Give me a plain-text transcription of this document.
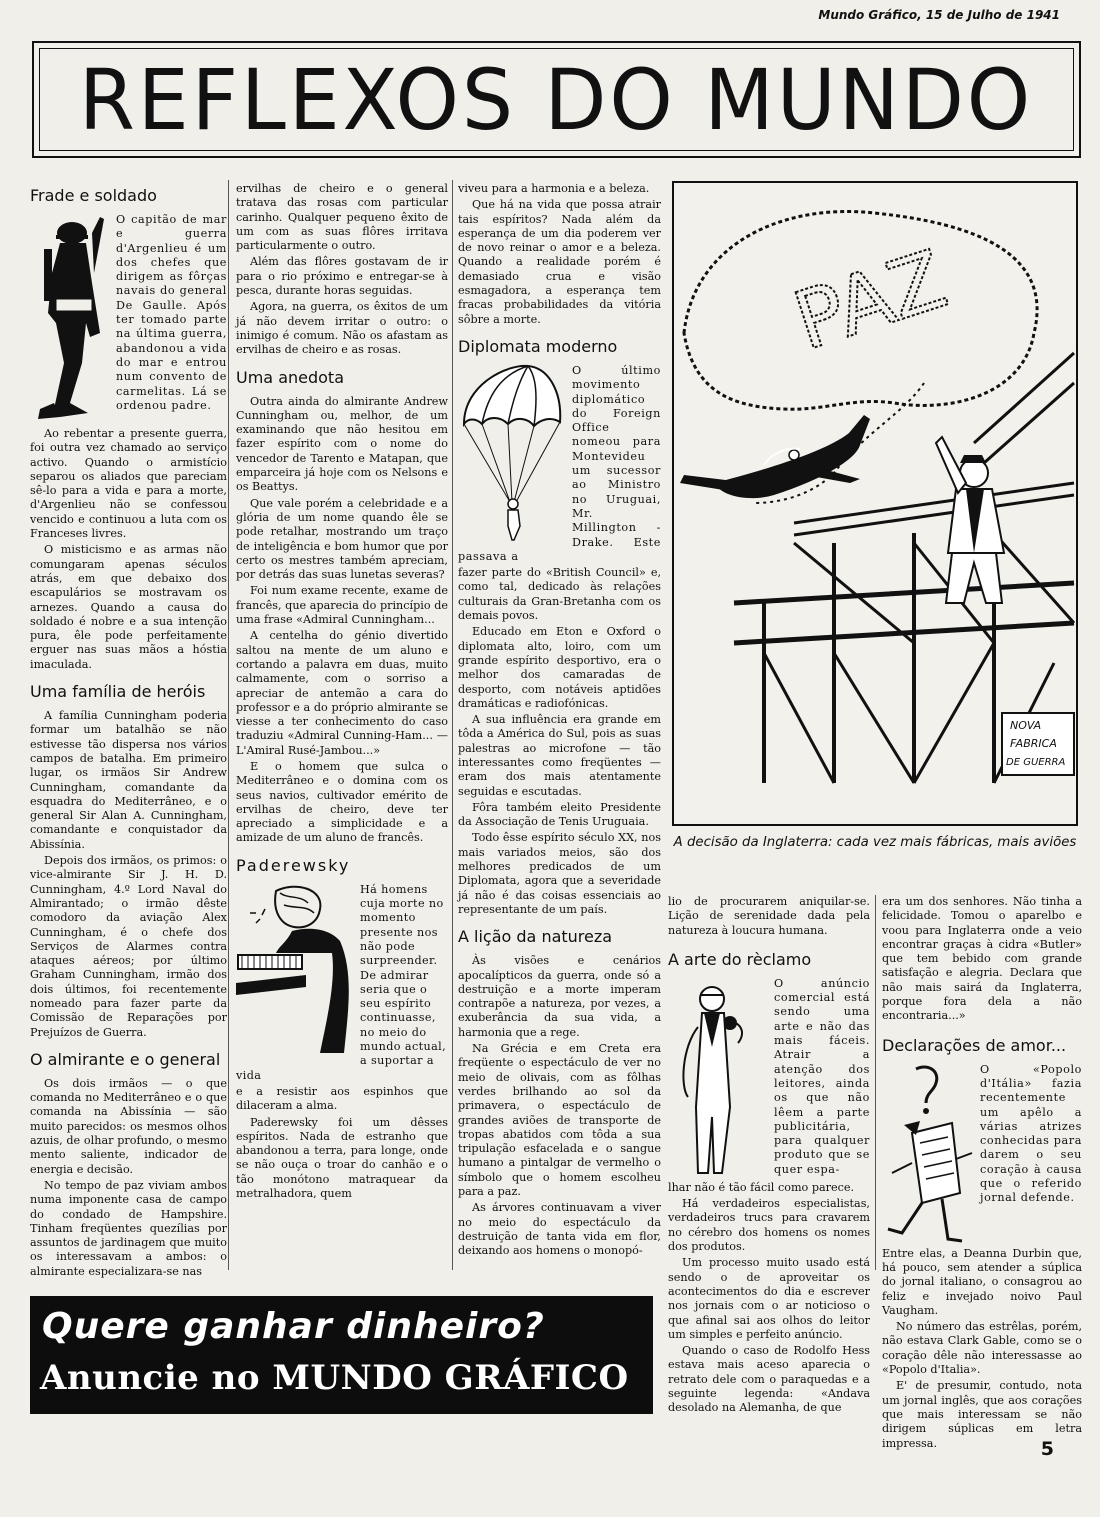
Mundo Gráfico, 15 de Julho de 1941
REFLEXOS DO MUNDO
Frade e soldado

O capitão de mar e guerra d'Argenlieu é um dos chefes que dirigem as fôrças navais do general De Gaulle. Após ter tomado parte na última guerra, abandonou a vida do mar e entrou num convento de carmelitas. Lá se ordenou padre.

Ao rebentar a presente guerra, foi outra vez chamado ao serviço activo. Quando o armistício separou os aliados que pareciam sê-lo para a vida e para a morte, d'Argenlieu não se confessou vencido e continuou a luta com os Franceses livres.

O misticismo e as armas não comungaram apenas séculos atrás, em que debaixo dos escapulários se mostravam os arnezes. Quando a causa do soldado é nobre e a sua intenção pura, êle pode perfeitamente erguer nas suas mãos a hóstia imaculada.

Uma família de heróis

A família Cunningham poderia formar um batalhão se não estivesse tão dispersa nos vários campos de batalha. Em primeiro lugar, os irmãos Sir Andrew Cunningham, comandante da esquadra do Mediterrâneo, e o general Sir Alan A. Cunningham, comandante e conquistador da Abissínia.

Depois dos irmãos, os primos: o vice-almirante Sir J. H. D. Cunningham, 4.º Lord Naval do Almirantado; o irmão dêste comodoro da aviação Alex Cunningham, é o chefe dos Serviços de Alarmes contra ataques aéreos; por último Graham Cunningham, irmão dos dois últimos, foi recentemente nomeado para fazer parte da Comissão de Reparações por Prejuízos de Guerra.

O almirante e o general

Os dois irmãos — o que comanda no Mediterrâneo e o que comanda na Abissínia — são muito parecidos: os mesmos olhos azuis, de olhar profundo, o mesmo mento saliente, indicador de energia e decisão.

No tempo de paz viviam ambos numa imponente casa de campo do condado de Hampshire. Tinham freqüentes quezílias por assuntos de jardinagem que muito os interessavam a ambos: o almirante especializara-se nas

ervilhas de cheiro e o general tratava das rosas com particular carinho. Qualquer pequeno êxito de um com as suas flôres irritava particularmente o outro.

Além das flôres gostavam de ir para o rio próximo e entregar-se à pesca, durante horas seguidas.

Agora, na guerra, os êxitos de um já não devem irritar o outro: o inimigo é comum. Não os afastam as ervilhas de cheiro e as rosas.

Uma anedota

Outra ainda do almirante Andrew Cunningham ou, melhor, de um examinando que não hesitou em fazer espírito com o nome do vencedor de Tarento e Matapan, que emparceira já hoje com os Nelsons e os Beattys.

Que vale porém a celebridade e a glória de um nome quando êle se pode retalhar, mostrando um traço de inteligência e bom humor que por certo os mestres também apreciam, por detrás das suas lunetas severas?

Foi num exame recente, exame de francês, que aparecia do princípio de uma frase «Admiral Cunningham...

A centelha do génio divertido saltou na mente de um aluno e cortando a palavra em duas, muito calmamente, com o sorriso a apreciar de antemão a cara do professor e a do próprio almirante se viesse a ter conhecimento do caso traduziu «Admiral Cunning-Ham... — L'Amiral Rusé-Jambou...»

E o homem que sulca o Mediterrâneo e o domina com os seus navios, cultivador emérito de ervilhas de cheiro, deve ter apreciado a simplicidade e a amizade de um aluno de francês.

Paderewsky

Há homens cuja morte no momento presente nos não pode surpreender. De admirar seria que o seu espírito continuasse, no meio do mundo actual, a suportar a vida

e a resistir aos espinhos que dilaceram a alma.

Paderewsky foi um dêsses espíritos. Nada de estranho que abandonou a terra, para longe, onde se não ouça o troar do canhão e o tão monótono matraquear da metralhadora, quem

viveu para a harmonia e a beleza.

Que há na vida que possa atrair tais espíritos? Nada além da esperança de um dia poderem ver de novo reinar o amor e a beleza. Quando a realidade porém é demasiado crua e visão esmagadora, a esperança tem fracas probabilidades da vitória sôbre a morte.

Diplomata moderno

O último movimento diplomático do Foreign Office nomeou para Montevideu um sucessor ao Ministro no Uruguai, Mr. Millington -Drake. Este passava a

fazer parte do «British Council» e, como tal, dedicado às relações culturais da Gran-Bretanha com os demais povos.

Educado em Eton e Oxford o diplomata alto, loiro, com um grande espírito desportivo, era o melhor dos camaradas de desporto, com notáveis aptidões dramáticas e radiofónicas.

A sua influência era grande em tôda a América do Sul, pois as suas palestras ao microfone — tão interessantes como freqüentes — eram dos mais atentamente seguidas e escutadas.

Fôra também eleito Presidente da Associação de Tenis Uruguaia.

Todo êsse espírito século XX, nos mais variados meios, são dos melhores predicados de um Diplomata, agora que a severidade já não é das coisas essenciais ao representante de um país.

A lição da natureza

Às visões e cenários apocalípticos da guerra, onde só a destruição e a morte imperam contrapõe a natureza, por vezes, a exuberância da sua vida, a harmonia que a rege.

Na Grécia e em Creta era freqüente o espectáculo de ver no meio de olivais, com as fôlhas verdes brilhando ao sol da primavera, o espectáculo de grandes aviões de transporte de tropas abatidos com tôda a sua tripulação esfacelada e o sangue humano a pintalgar de vermelho o símbolo que o homem escolheu para a paz.

As árvores continuavam a viver no meio do espectáculo da destruição de tanta vida em flor, deixando aos homens o monopó-

PAZ
NOVA
FABRICA
DE GUERRA
A decisão da Inglaterra: cada vez mais fábricas, mais aviões

lio de procurarem aniquilar-se. Lição de serenidade dada pela natureza à loucura humana.

A arte do rèclamo

O anúncio comercial está sendo uma arte e não das mais fáceis. Atrair a atenção dos leitores, ainda os que não lêem a parte publicitária, para qualquer produto que se quer espa-

lhar não é tão fácil como parece.

Há verdadeiros especialistas, verdadeiros trucs para cravarem no cérebro dos homens os nomes dos produtos.

Um processo muito usado está sendo o de aproveitar os acontecimentos do dia e escrever nos jornais com o ar noticioso o que afinal sai aos olhos do leitor um simples e perfeito anúncio.

Quando o caso de Rodolfo Hess estava mais aceso aparecia o retrato dele com o paraquedas e a seguinte legenda: «Andava desolado na Alemanha, de que

era um dos senhores. Não tinha a felicidade. Tomou o aparelbo e voou para Inglaterra onde a veio encontrar graças à cidra «Butler» que tem bebido com grande satisfação e alegria. Declara que não mais sairá da Inglaterra, porque fora dela a não encontraria...»

Declarações de amor...

O «Popolo d'Itália» fazia recentemente um apêlo a várias atrizes conhecidas para darem o seu coração à causa que o referido jornal defende.

Entre elas, a Deanna Durbin que, há pouco, sem atender a súplica do jornal italiano, o consagrou ao feliz e invejado noivo Paul Vaugham.

No número das estrêlas, porém, não estava Clark Gable, como se o coração dêle não interessasse ao «Popolo d'Italia».

E' de presumir, contudo, nota um jornal inglês, que aos corações que mais interessam se não dirigem súplicas em letra impressa.

Quere ganhar dinheiro?
Anuncie no MUNDO GRÁFICO
5
